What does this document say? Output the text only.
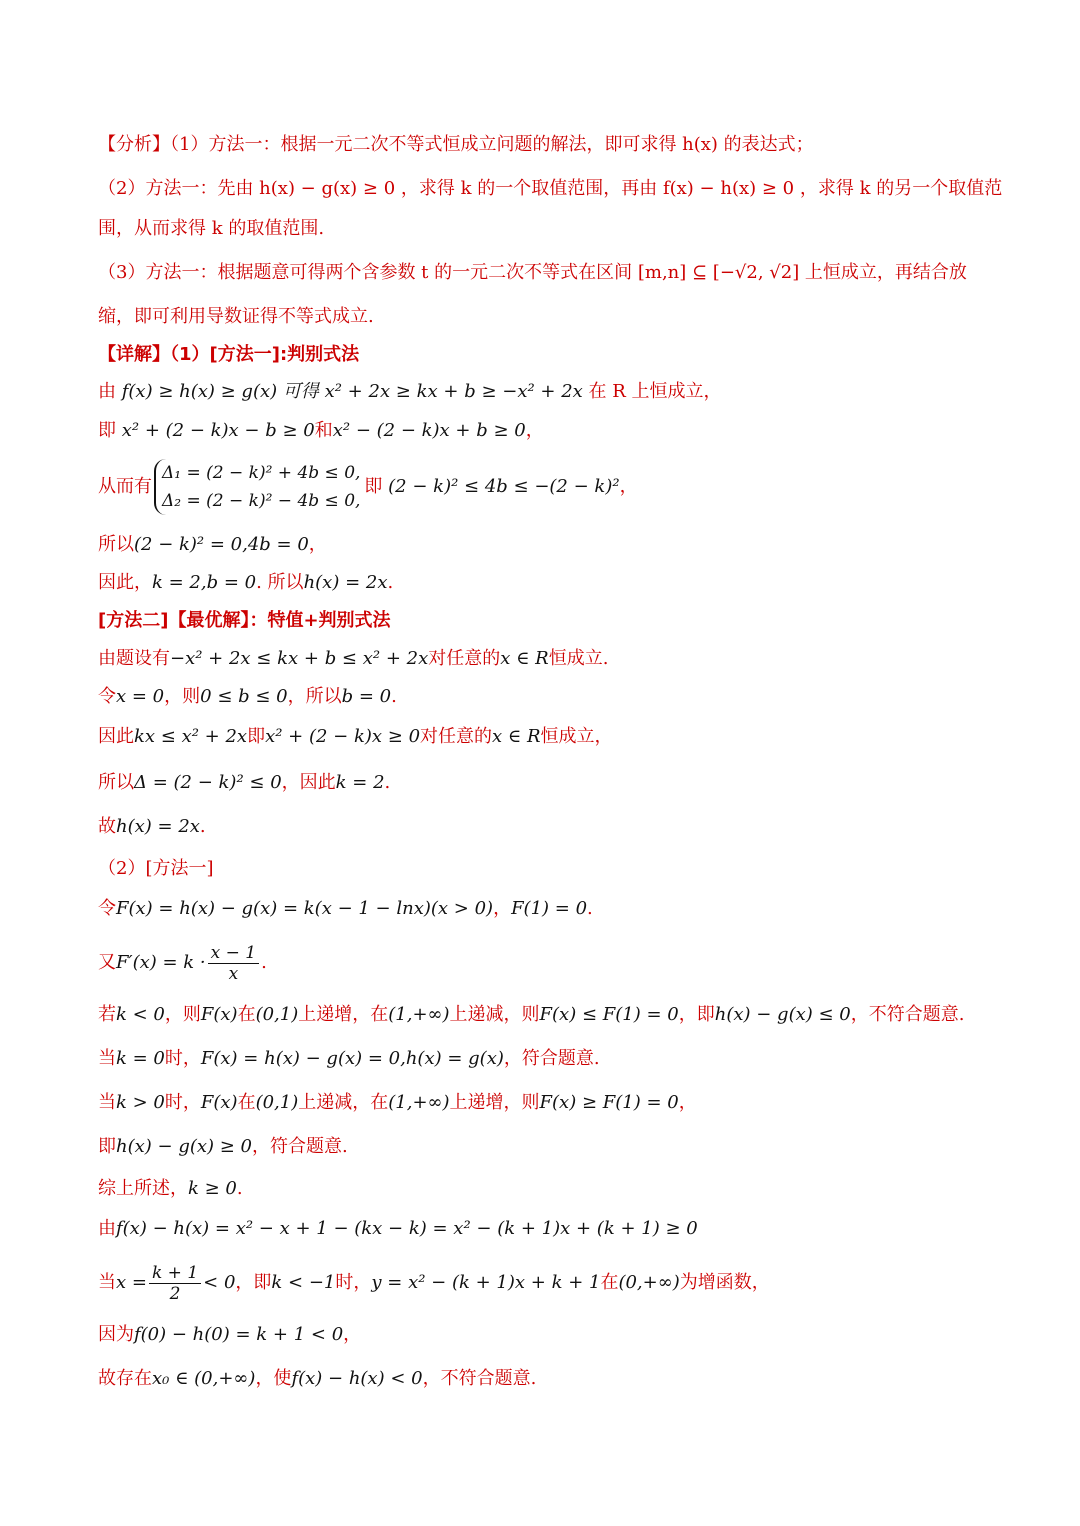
【分析】（1）方法一：根据一元二次不等式恒成立问题的解法，即可求得 h(x) 的表达式；
（2）方法一：先由 h(x) − g(x) ≥ 0 ，求得 k 的一个取值范围，再由 f(x) − h(x) ≥ 0 ，求得 k 的另一个取值范
围，从而求得 k 的取值范围.
（3）方法一：根据题意可得两个含参数 t 的一元二次不等式在区间 [m,n] ⊆ [−√2, √2] 上恒成立，再结合放
缩，即可利用导数证得不等式成立.
【详解】（1）[方法一]:判别式法
由 f(x) ≥ h(x) ≥ g(x) 可得 x² + 2x ≥ kx + b ≥ −x² + 2x 在 R 上恒成立，
即 x² + (2 − k)x − b ≥ 0和x² − (2 − k)x + b ≥ 0，
从而有
Δ₁ = (2 − k)² + 4b ≤ 0,
Δ₂ = (2 − k)² − 4b ≤ 0,
即 (2 − k)² ≤ 4b ≤ −(2 − k)²，
所以(2 − k)² = 0,4b = 0，
因此，k = 2,b = 0. 所以h(x) = 2x.
[方法二]【最优解】：特值+判别式法
由题设有−x² + 2x ≤ kx + b ≤ x² + 2x对任意的x ∈ R恒成立.
令x = 0，则0 ≤ b ≤ 0，所以b = 0.
因此kx ≤ x² + 2x即x² + (2 − k)x ≥ 0对任意的x ∈ R恒成立，
所以Δ = (2 − k)² ≤ 0，因此k = 2.
故h(x) = 2x.
（2）[方法一]
令F(x) = h(x) − g(x) = k(x − 1 − lnx)(x > 0)，F(1) = 0.
又$F'(x) = k \cdot \frac{x - 1}{x}$ .
若k < 0，则F(x)在(0,1)上递增，在(1,+∞)上递减，则F(x) ≤ F(1) = 0，即h(x) − g(x) ≤ 0，不符合题意.
当k = 0时，F(x) = h(x) − g(x) = 0,h(x) = g(x)，符合题意.
当k > 0时，F(x)在(0,1)上递减，在(1,+∞)上递增，则F(x) ≥ F(1) = 0，
即h(x) − g(x) ≥ 0，符合题意.
综上所述，k ≥ 0.
由f(x) − h(x) = x² − x + 1 − (kx − k) = x² − (k + 1)x + (k + 1) ≥ 0
当$x = \frac{k + 1}{2} < 0$，即k < −1时，y = x² − (k + 1)x + k + 1在(0,+∞)为增函数，
因为f(0) − h(0) = k + 1 < 0，
故存在x₀ ∈ (0,+∞)，使f(x) − h(x) < 0，不符合题意.
